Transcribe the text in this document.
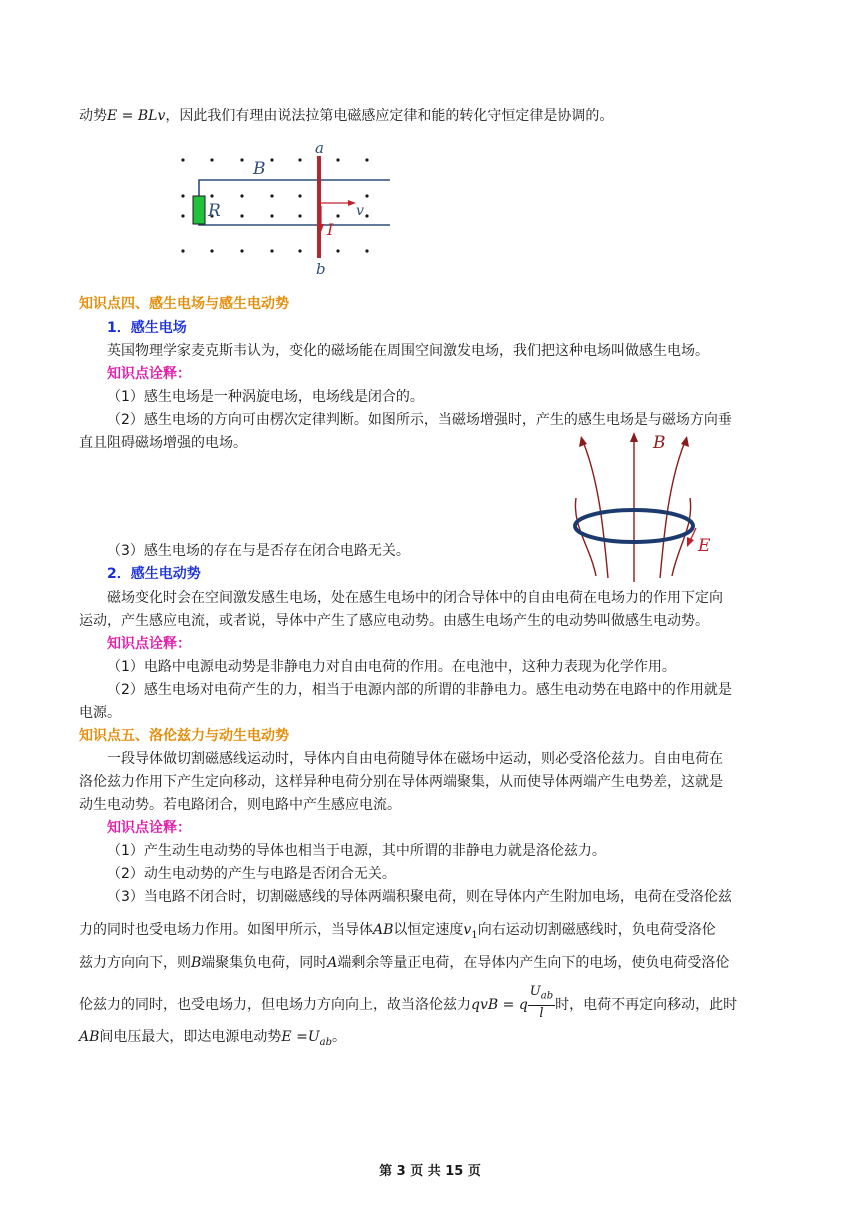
动势E = BLv，因此我们有理由说法拉第电磁感应定律和能的转化守恒定律是协调的。
B
R
a
b
v
I
知识点四、感生电场与感生电动势
1．感生电场
英国物理学家麦克斯韦认为，变化的磁场能在周围空间激发电场，我们把这种电场叫做感生电场。
知识点诠释：
（1）感生电场是一种涡旋电场，电场线是闭合的。
（2）感生电场的方向可由楞次定律判断。如图所示，当磁场增强时，产生的感生电场是与磁场方向垂
直且阻碍磁场增强的电场。	B
E
（3）感生电场的存在与是否存在闭合电路无关。
2．感生电动势
磁场变化时会在空间激发感生电场，处在感生电场中的闭合导体中的自由电荷在电场力的作用下定向
运动，产生感应电流，或者说，导体中产生了感应电动势。由感生电场产生的电动势叫做感生电动势。
知识点诠释：
（1）电路中电源电动势是非静电力对自由电荷的作用。在电池中，这种力表现为化学作用。
（2）感生电场对电荷产生的力，相当于电源内部的所谓的非静电力。感生电动势在电路中的作用就是
电源。
知识点五、洛伦兹力与动生电动势
一段导体做切割磁感线运动时，导体内自由电荷随导体在磁场中运动，则必受洛伦兹力。自由电荷在
洛伦兹力作用下产生定向移动，这样异种电荷分别在导体两端聚集，从而使导体两端产生电势差，这就是
动生电动势。若电路闭合，则电路中产生感应电流。
知识点诠释：
（1）产生动生电动势的导体也相当于电源，其中所谓的非静电力就是洛伦兹力。
（2）动生电动势的产生与电路是否闭合无关。
（3）当电路不闭合时，切割磁感线的导体两端积聚电荷，则在导体内产生附加电场，电荷在受洛伦兹
力的同时也受电场力作用。如图甲所示，当导体AB以恒定速度$v_1$向右运动切割磁感线时，负电荷受洛伦
兹力方向向下，则B端聚集负电荷，同时A端剩余等量正电荷，在导体内产生向下的电场，使负电荷受洛伦
伦兹力的同时，也受电场力，但电场力方向向上，故当洛伦兹力qvB = q $\frac{U_{ab}}{l}$ 时，电荷不再定向移动，此时
AB间电压最大，即达电源电动势$E =U_{ab}$。
第 3 页 共 15 页
